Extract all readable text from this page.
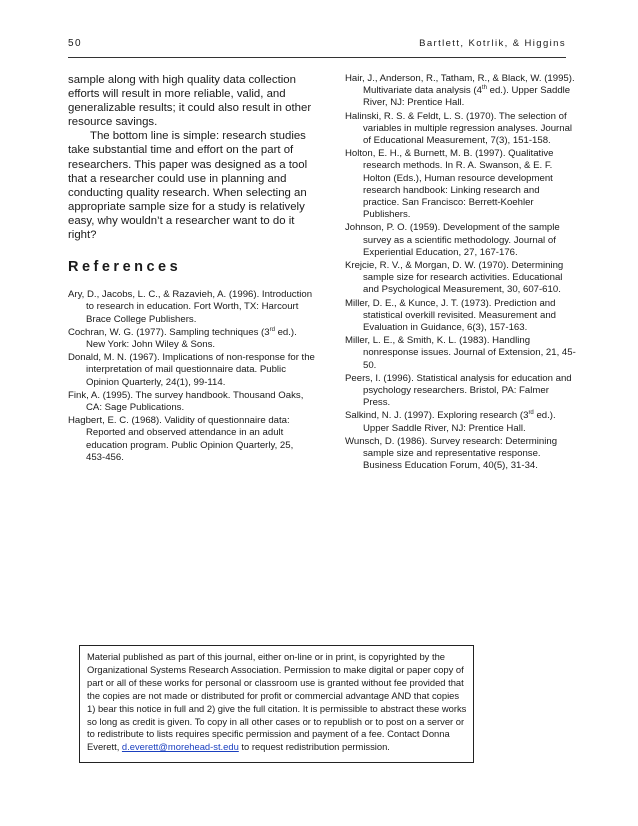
50	Bartlett, Kotrlik, & Higgins

sample along with high quality data collection efforts will result in more reliable, valid, and generalizable results; it could also result in other resource savings.

The bottom line is simple: research studies take substantial time and effort on the part of researchers. This paper was designed as a tool that a researcher could use in planning and conducting quality research. When selecting an appropriate sample size for a study is relatively easy, why wouldn’t a researcher want to do it right?

References

Ary, D., Jacobs, L. C., & Razavieh, A. (1996). Introduction to research in education. Fort Worth, TX: Harcourt Brace College Publishers.

Cochran, W. G. (1977). Sampling techniques (3rd ed.). New York: John Wiley & Sons.

Donald, M. N. (1967). Implications of non-response for the interpretation of mail questionnaire data. Public Opinion Quarterly, 24(1), 99-114.

Fink, A. (1995). The survey handbook. Thousand Oaks, CA: Sage Publications.

Hagbert, E. C. (1968). Validity of questionnaire data: Reported and observed attendance in an adult education program. Public Opinion Quarterly, 25, 453-456.

Hair, J., Anderson, R., Tatham, R., & Black, W. (1995). Multivariate data analysis (4th ed.). Upper Saddle River, NJ: Prentice Hall.

Halinski, R. S. & Feldt, L. S. (1970). The selection of variables in multiple regression analyses. Journal of Educational Measurement, 7(3), 151-158.

Holton, E. H., & Burnett, M. B. (1997). Qualitative research methods. In R. A. Swanson, & E. F. Holton (Eds.), Human resource development research handbook: Linking research and practice. San Francisco: Berrett-Koehler Publishers.

Johnson, P. O. (1959). Development of the sample survey as a scientific methodology. Journal of Experiential Education, 27, 167-176.

Krejcie, R. V., & Morgan, D. W. (1970). Determining sample size for research activities. Educational and Psychological Measurement, 30, 607-610.

Miller, D. E., & Kunce, J. T. (1973). Prediction and statistical overkill revisited. Measurement and Evaluation in Guidance, 6(3), 157-163.

Miller, L. E., & Smith, K. L. (1983). Handling nonresponse issues. Journal of Extension, 21, 45-50.

Peers, I. (1996). Statistical analysis for education and psychology researchers. Bristol, PA: Falmer Press.

Salkind, N. J. (1997). Exploring research (3rd ed.). Upper Saddle River, NJ: Prentice Hall.

Wunsch, D. (1986). Survey research: Determining sample size and representative response. Business Education Forum, 40(5), 31-34.

Material published as part of this journal, either on-line or in print, is copyrighted by the Organizational Systems Research Association. Permission to make digital or paper copy of part or all of these works for personal or classroom use is granted without fee provided that the copies are not made or distributed for profit or commercial advantage AND that copies 1) bear this notice in full and 2) give the full citation. It is permissible to abstract these works so long as credit is given. To copy in all other cases or to republish or to post on a server or to redistribute to lists requires specific permission and payment of a fee. Contact Donna Everett, d.everett@morehead-st.edu to request redistribution permission.
